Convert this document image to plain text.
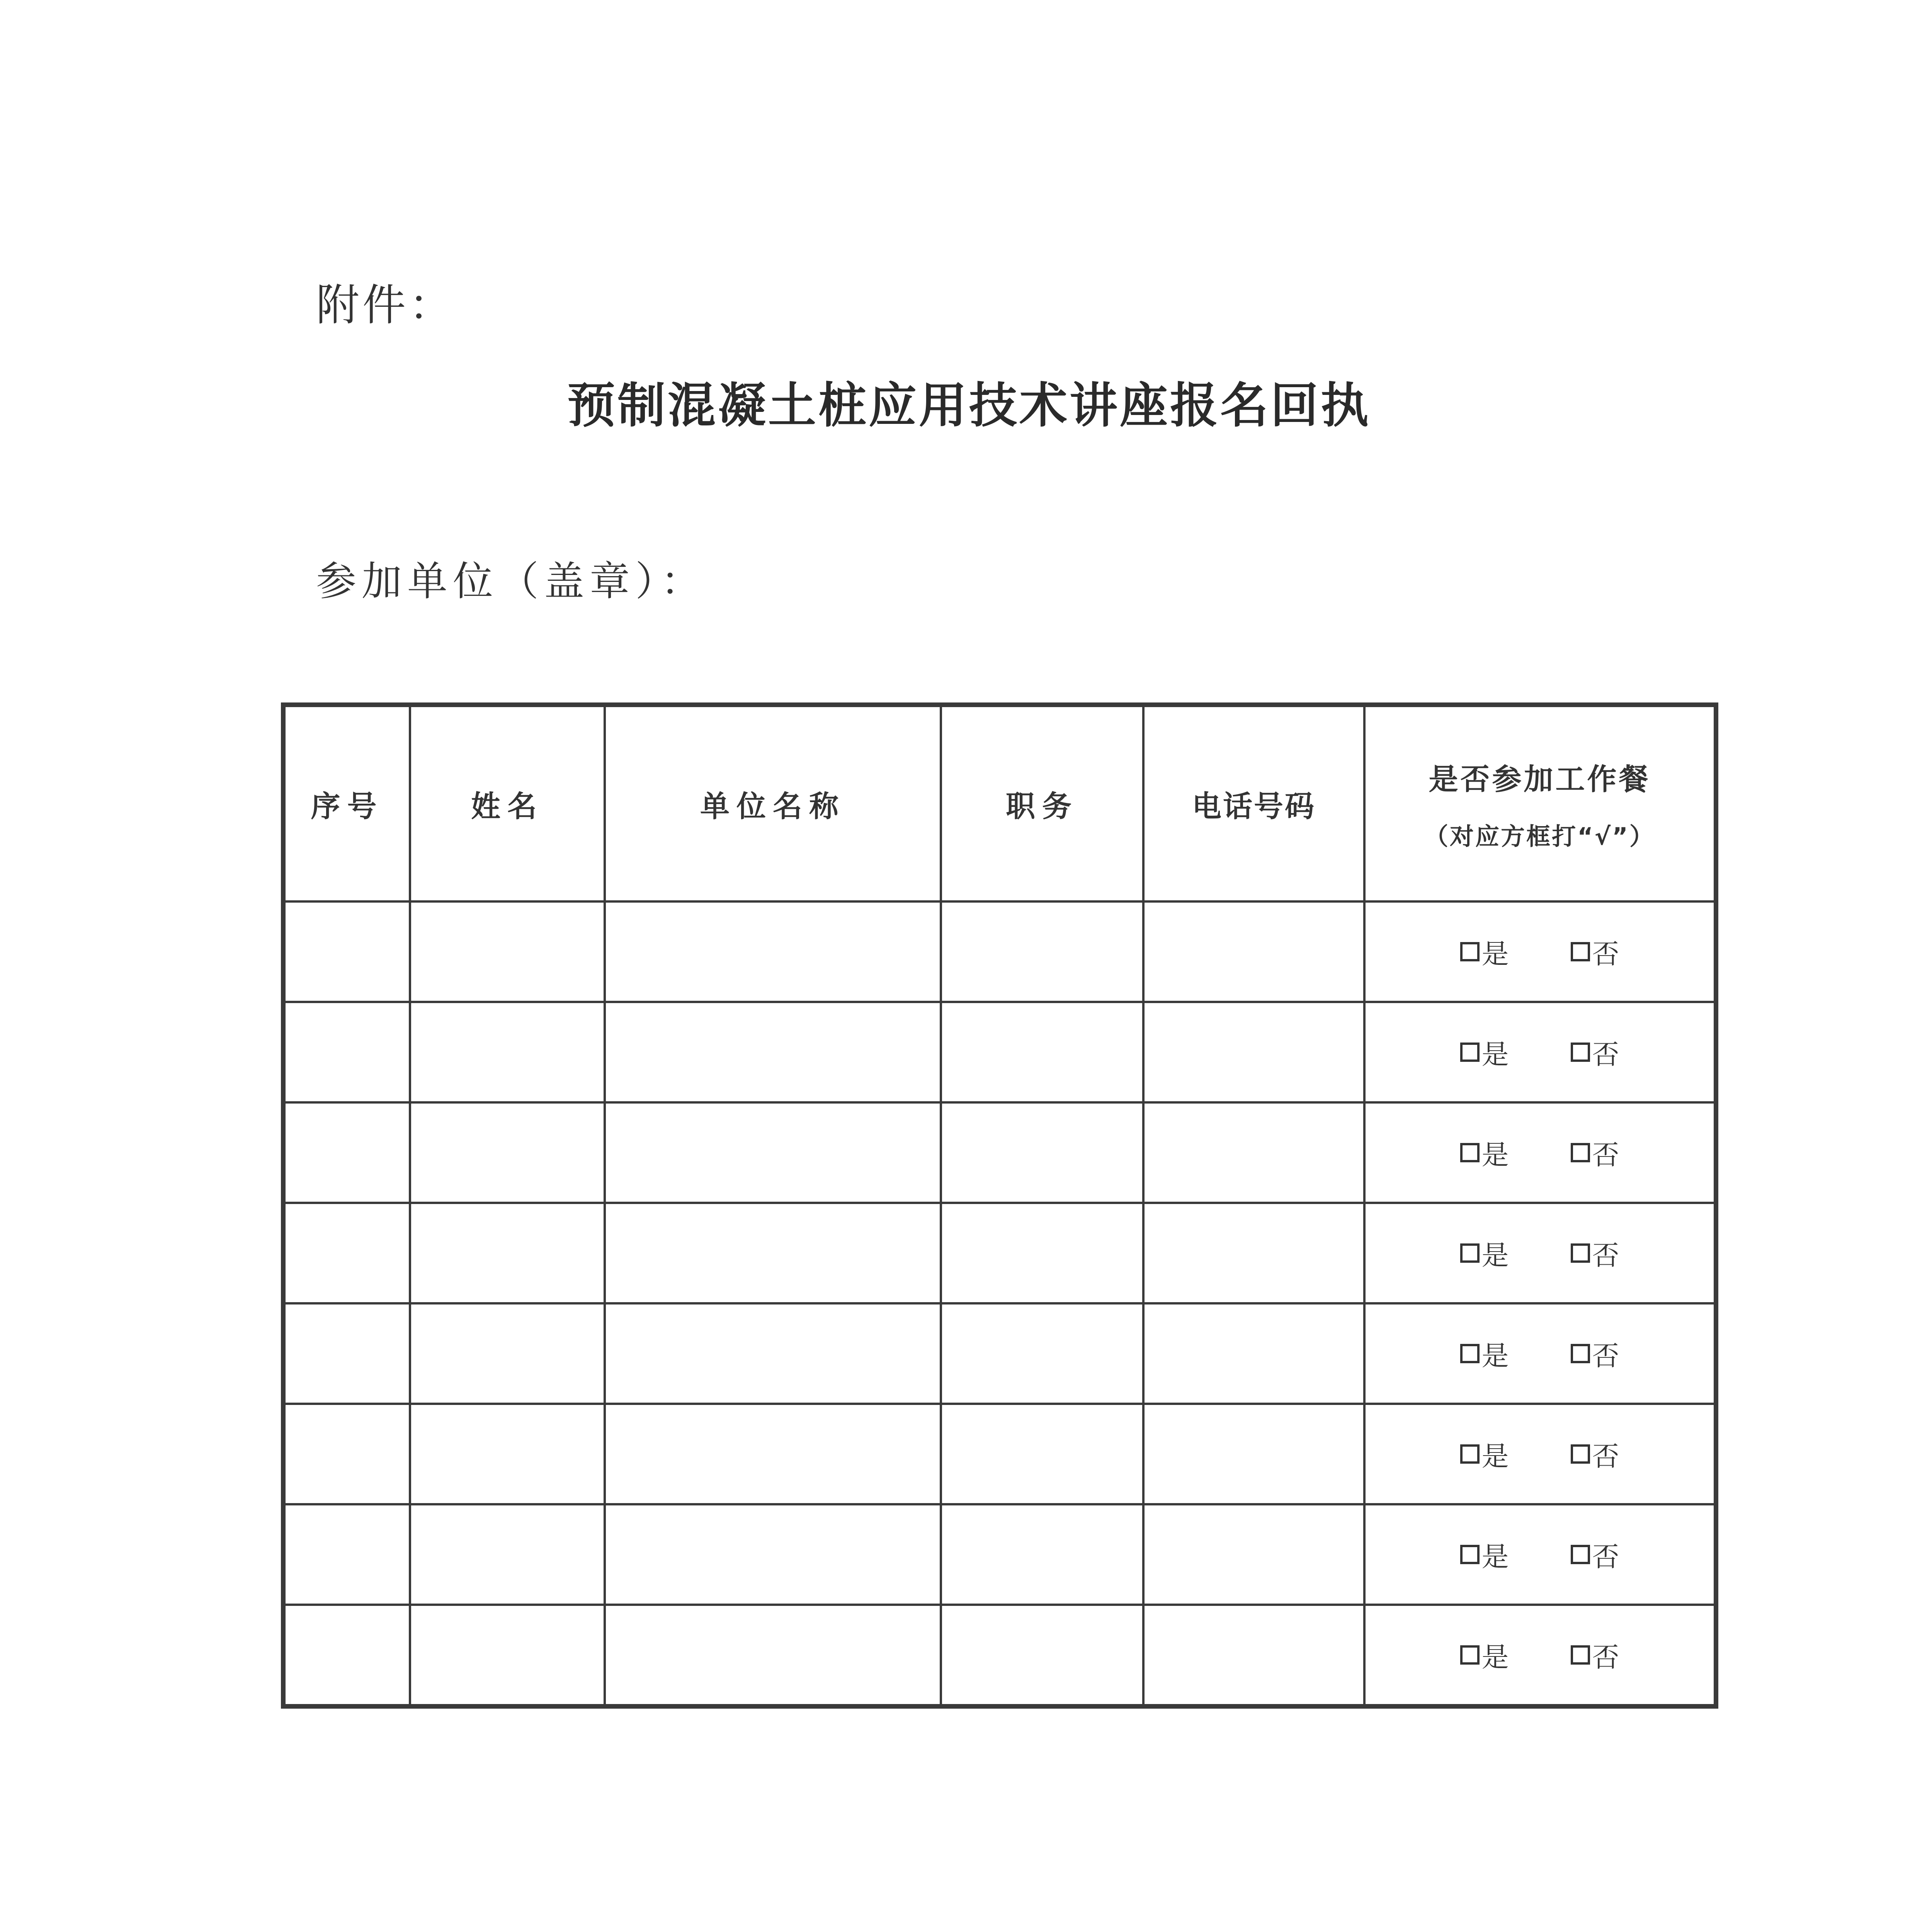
附件：
预制混凝土桩应用技术讲座报名回执
参加单位（盖章）：
序号	姓名	单位名称	职务	电话号码	是否参加工作餐
（对应方框打“√”）

					是 否

					是 否

					是 否

					是 否

					是 否

					是 否

					是 否

					是 否
